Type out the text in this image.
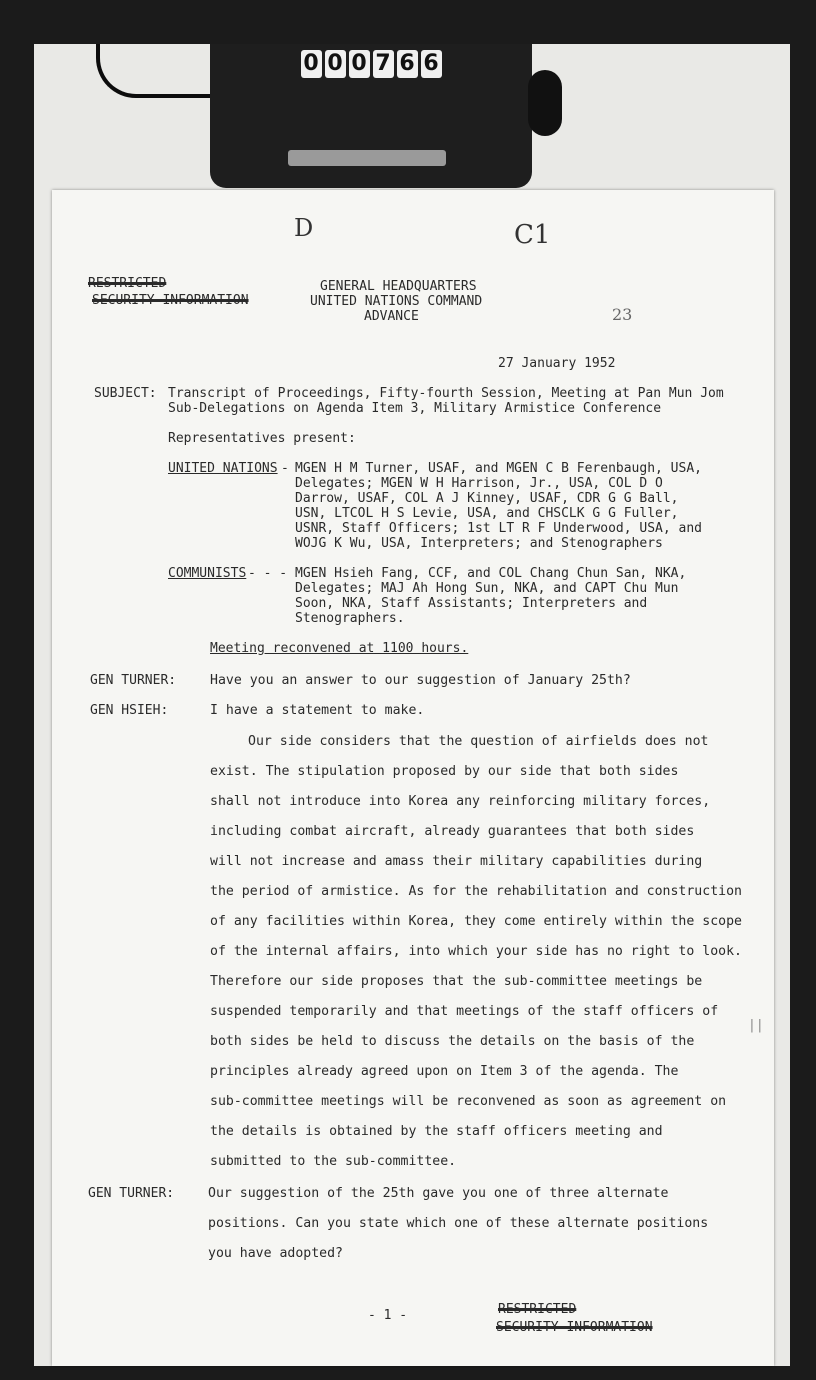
0 0 0 7 6 6
D	C1
RESTRICTED
SECURITY INFORMATION
GENERAL HEADQUARTERS
UNITED NATIONS COMMAND
ADVANCE	23
27 January 1952
SUBJECT: Transcript of Proceedings, Fifty-fourth Session, Meeting at Pan Mun Jom
Sub-Delegations on Agenda Item 3, Military Armistice Conference
Representatives present:
UNITED NATIONS - MGEN H M Turner, USAF, and MGEN C B Ferenbaugh, USA,
Delegates; MGEN W H Harrison, Jr., USA, COL D O
Darrow, USAF, COL A J Kinney, USAF, CDR G G Ball,
USN, LTCOL H S Levie, USA, and CHSCLK G G Fuller,
USNR, Staff Officers; 1st LT R F Underwood, USA, and
WOJG K Wu, USA, Interpreters; and Stenographers
COMMUNISTS - - - MGEN Hsieh Fang, CCF, and COL Chang Chun San, NKA,
Delegates; MAJ Ah Hong Sun, NKA, and CAPT Chu Mun
Soon, NKA, Staff Assistants; Interpreters and
Stenographers.
Meeting reconvened at 1100 hours.
GEN TURNER:	Have you an answer to our suggestion of January 25th?
GEN HSIEH:	I have a statement to make.
Our side considers that the question of airfields does not
exist. The stipulation proposed by our side that both sides
shall not introduce into Korea any reinforcing military forces,
including combat aircraft, already guarantees that both sides
will not increase and amass their military capabilities during
the period of armistice. As for the rehabilitation and construction
of any facilities within Korea, they come entirely within the scope
of the internal affairs, into which your side has no right to look.
Therefore our side proposes that the sub-committee meetings be
suspended temporarily and that meetings of the staff officers of
both sides be held to discuss the details on the basis of the
principles already agreed upon on Item 3 of the agenda. The
sub-committee meetings will be reconvened as soon as agreement on
the details is obtained by the staff officers meeting and
submitted to the sub-committee.
||
GEN TURNER:	Our suggestion of the 25th gave you one of three alternate
positions. Can you state which one of these alternate positions
you have adopted?
- 1 -	RESTRICTED
SECURITY INFORMATION
